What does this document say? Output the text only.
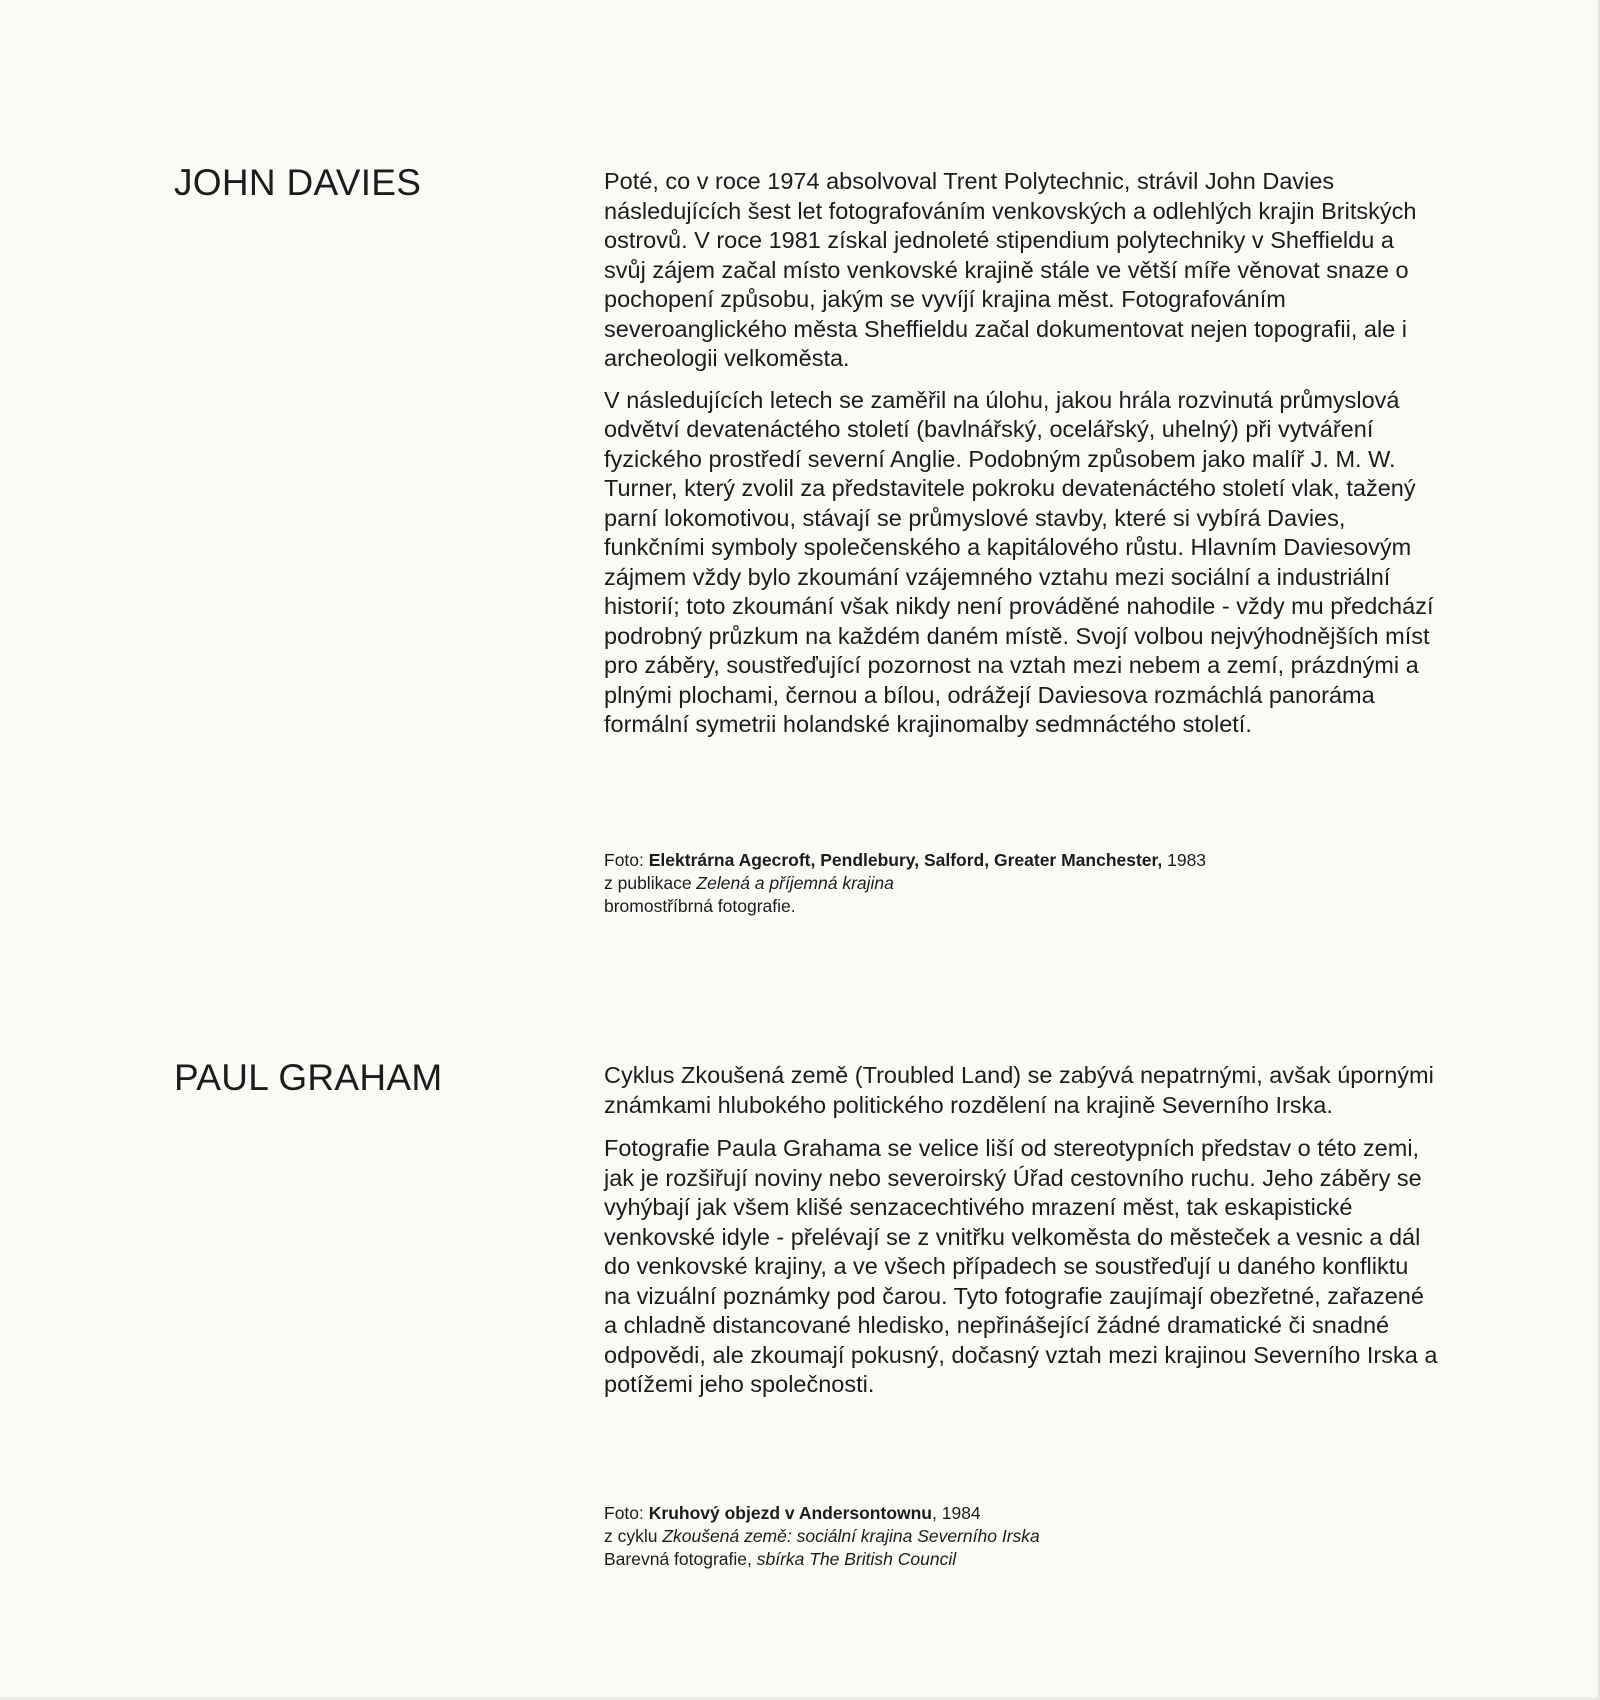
JOHN DAVIES	Poté, co v roce 1974 absolvoval Trent Polytechnic, strávil John Davies následujících šest let fotografováním venkovských a odlehlých krajin Britských ostrovů. V roce 1981 získal jednoleté stipendium polytechniky v Sheffieldu a svůj zájem začal místo venkovské krajině stále ve větší míře věnovat snaze o pochopení způsobu, jakým se vyvíjí krajina měst. Fotografováním severoanglického města Sheffieldu začal dokumentovat nejen topografii, ale i archeologii velkoměsta.

V následujících letech se zaměřil na úlohu, jakou hrála rozvinutá průmyslová odvětví devatenáctého století (bavlnářský, ocelářský, uhelný) při vytváření fyzického prostředí severní Anglie. Podobným způsobem jako malíř J. M. W. Turner, který zvolil za představitele pokroku devatenáctého století vlak, tažený parní lokomotivou, stávají se průmyslové stavby, které si vybírá Davies, funkčními symboly společenského a kapitálového růstu. Hlavním Daviesovým zájmem vždy bylo zkoumání vzájemného vztahu mezi sociální a industriální historií; toto zkoumání však nikdy není prováděné nahodile - vždy mu předchází podrobný průzkum na každém daném místě. Svojí volbou nejvýhodnějších míst pro záběry, soustřeďující pozornost na vztah mezi nebem a zemí, prázdnými a plnými plochami, černou a bílou, odrážejí Daviesova rozmáchlá panoráma formální symetrii holandské krajinomalby sedmnáctého století.

Foto: Elektrárna Agecroft, Pendlebury, Salford, Greater Manchester, 1983
z publikace Zelená a příjemná krajina
bromostříbrná fotografie.
PAUL GRAHAM	Cyklus Zkoušená země (Troubled Land) se zabývá nepatrnými, avšak úpornými známkami hlubokého politického rozdělení na krajině Severního Irska.

Fotografie Paula Grahama se velice liší od stereotypních představ o této zemi, jak je rozšiřují noviny nebo severoirský Úřad cestovního ruchu. Jeho záběry se vyhýbají jak všem klišé senzacechtivého mrazení měst, tak eskapistické venkovské idyle - přelévají se z vnitřku velkoměsta do městeček a vesnic a dál do venkovské krajiny, a ve všech případech se soustřeďují u daného konfliktu na vizuální poznámky pod čarou. Tyto fotografie zaujímají obezřetné, zařazené a chladně distancované hledisko, nepřinášející žádné dramatické či snadné odpovědi, ale zkoumají pokusný, dočasný vztah mezi krajinou Severního Irska a potížemi jeho společnosti.

Foto: Kruhový objezd v Andersontownu, 1984
z cyklu Zkoušená země: sociální krajina Severního Irska
Barevná fotografie, sbírka The British Council
